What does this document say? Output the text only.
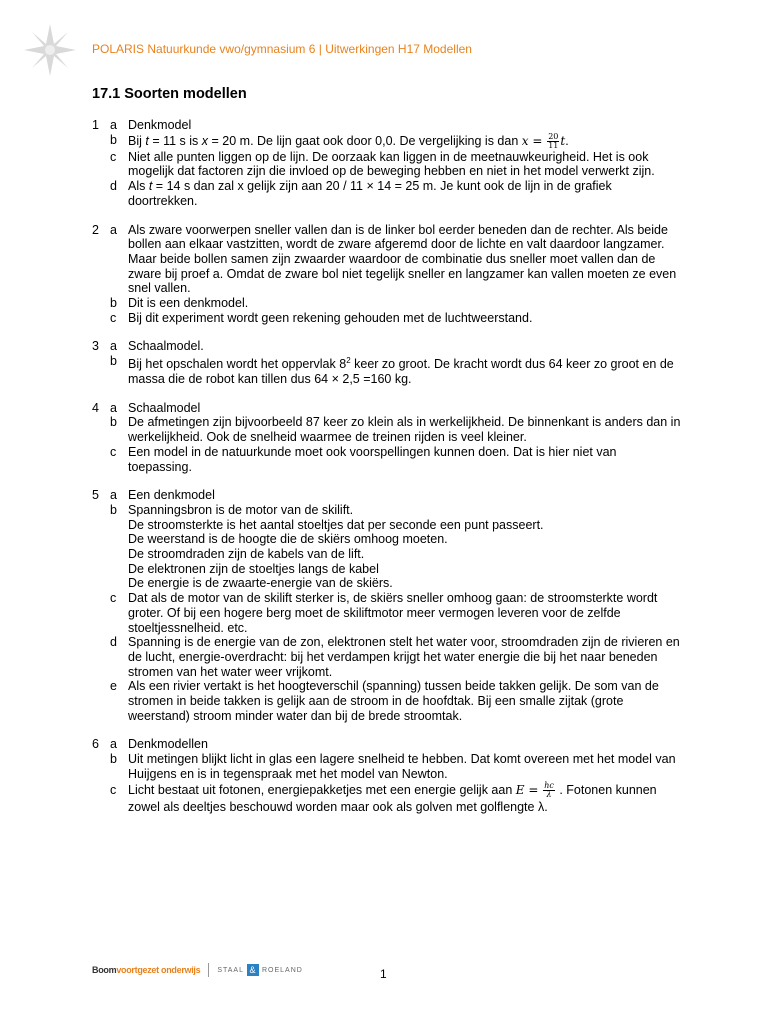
POLARIS Natuurkunde vwo/gymnasium 6 | Uitwerkingen H17 Modellen
17.1 Soorten modellen
1 a Denkmodel
b Bij t = 11 s is x = 20 m. De lijn gaat ook door 0,0. De vergelijking is dan $x = \frac{20}{11} t$.
c Niet alle punten liggen op de lijn. De oorzaak kan liggen in de meetnauwkeurigheid. Het is ook mogelijk dat factoren zijn die invloed op de beweging hebben en niet in het model verwerkt zijn.
d Als t = 14 s dan zal x gelijk zijn aan 20 / 11 × 14 = 25 m. Je kunt ook de lijn in de grafiek doortrekken.
2 a Als zware voorwerpen sneller vallen dan is de linker bol eerder beneden dan de rechter. Als beide bollen aan elkaar vastzitten, wordt de zware afgeremd door de lichte en valt daardoor langzamer. Maar beide bollen samen zijn zwaarder waardoor de combinatie dus sneller moet vallen dan de zware bij proef a. Omdat de zware bol niet tegelijk sneller en langzamer kan vallen moeten ze even snel vallen.
b Dit is een denkmodel.
c Bij dit experiment wordt geen rekening gehouden met de luchtweerstand.
3 a Schaalmodel.
b Bij het opschalen wordt het oppervlak $8^2$ keer zo groot. De kracht wordt dus 64 keer zo groot en de massa die de robot kan tillen dus 64 × 2,5 =160 kg.
4 a Schaalmodel
b De afmetingen zijn bijvoorbeeld 87 keer zo klein als in werkelijkheid. De binnenkant is anders dan in werkelijkheid. Ook de snelheid waarmee de treinen rijden is veel kleiner.
c Een model in de natuurkunde moet ook voorspellingen kunnen doen. Dat is hier niet van toepassing.
5 a Een denkmodel
b Spanningsbron is de motor van de skilift.
De stroomsterkte is het aantal stoeltjes dat per seconde een punt passeert.
De weerstand is de hoogte die de skiërs omhoog moeten.
De stroomdraden zijn de kabels van de lift.
De elektronen zijn de stoeltjes langs de kabel
De energie is de zwaarte-energie van de skiërs.
c Dat als de motor van de skilift sterker is, de skiërs sneller omhoog gaan: de stroomsterkte wordt groter. Of bij een hogere berg moet de skiliftmotor meer vermogen leveren voor de zelfde stoeltjessnelheid. etc.
d Spanning is de energie van de zon, elektronen stelt het water voor, stroomdraden zijn de rivieren en de lucht, energie-overdracht: bij het verdampen krijgt het water energie die bij het naar beneden stromen van het water weer vrijkomt.
e Als een rivier vertakt is het hoogteverschil (spanning) tussen beide takken gelijk. De som van de stromen in beide takken is gelijk aan de stroom in de hoofdtak. Bij een smalle zijtak (grote weerstand) stroom minder water dan bij de brede stroomtak.
6 a Denkmodellen
b Uit metingen blijkt licht in glas een lagere snelheid te hebben. Dat komt overeen met het model van Huijgens en is in tegenspraak met het model van Newton.
c Licht bestaat uit fotonen, energiepakketjes met een energie gelijk aan $E = \frac{hc}{\lambda}$ . Fotonen kunnen zowel als deeltjes beschouwd worden maar ook als golven met golflengte λ.
Boomvoortgezet onderwijs STAAL & ROELAND	1
